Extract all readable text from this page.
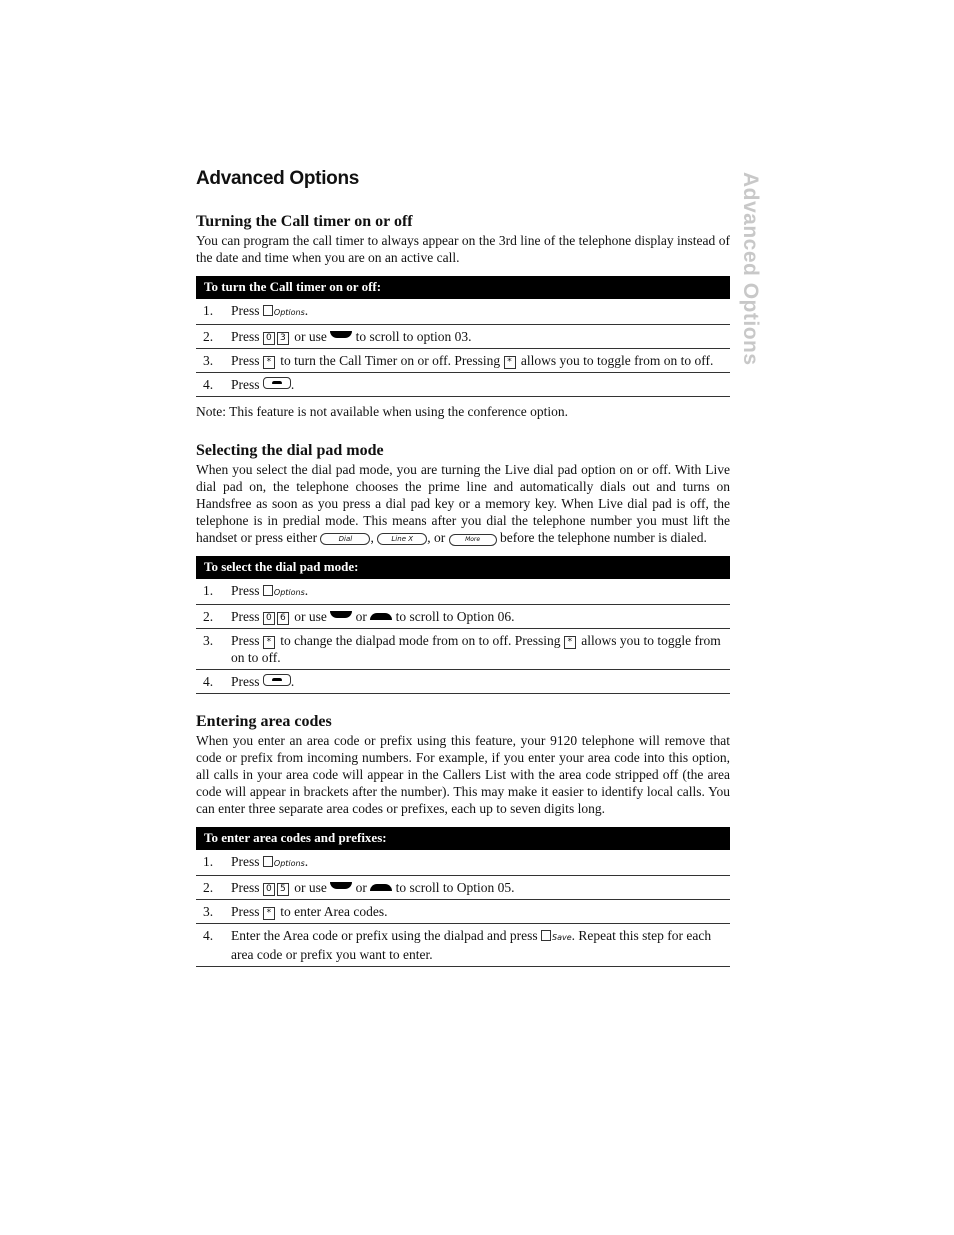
Advanced Options
Advanced Options
Turning the Call timer on or off

You can program the call timer to always appear on the 3rd line of the telephone display instead of the date and time when you are on an active call.

To turn the Call timer on or off:
1.	Press Options.
2.	Press 0 3 or use to scroll to option 03.
3.	Press * to turn the Call Timer on or off. Pressing * allows you to toggle from on to off.
4.	Press .

Note: This feature is not available when using the conference option.

Selecting the dial pad mode

When you select the dial pad mode, you are turning the Live dial pad option on or off. With Live dial pad on, the telephone chooses the prime line and automatically dials out and turns on Handsfree as soon as you press a dial pad key or a memory key. When Live dial pad is off, the telephone is in predial mode. This means after you dial the telephone number you must lift the handset or press either	Dial ,	Line X , or	More before the telephone number is dialed.

To select the dial pad mode:
1.	Press Options.
2.	Press 0 6 or use or to scroll to Option 06.
3.	Press * to change the dialpad mode from on to off. Pressing * allows you to toggle from on to off.
4.	Press .
Entering area codes

When you enter an area code or prefix using this feature, your 9120 telephone will remove that code or prefix from incoming numbers. For example, if you enter your area code into this option, all calls in your area code will appear in the Callers List with the area code stripped off (the area code will appear in brackets after the number). This may make it easier to identify local calls. You can enter three separate area codes or prefixes, each up to seven digits long.

To enter area codes and prefixes:
1.	Press Options.
2.	Press 0 5 or use or to scroll to Option 05.
3.	Press * to enter Area codes.
4.	Enter the Area code or prefix using the dialpad and press Save. Repeat this step for each area code or prefix you want to enter.
